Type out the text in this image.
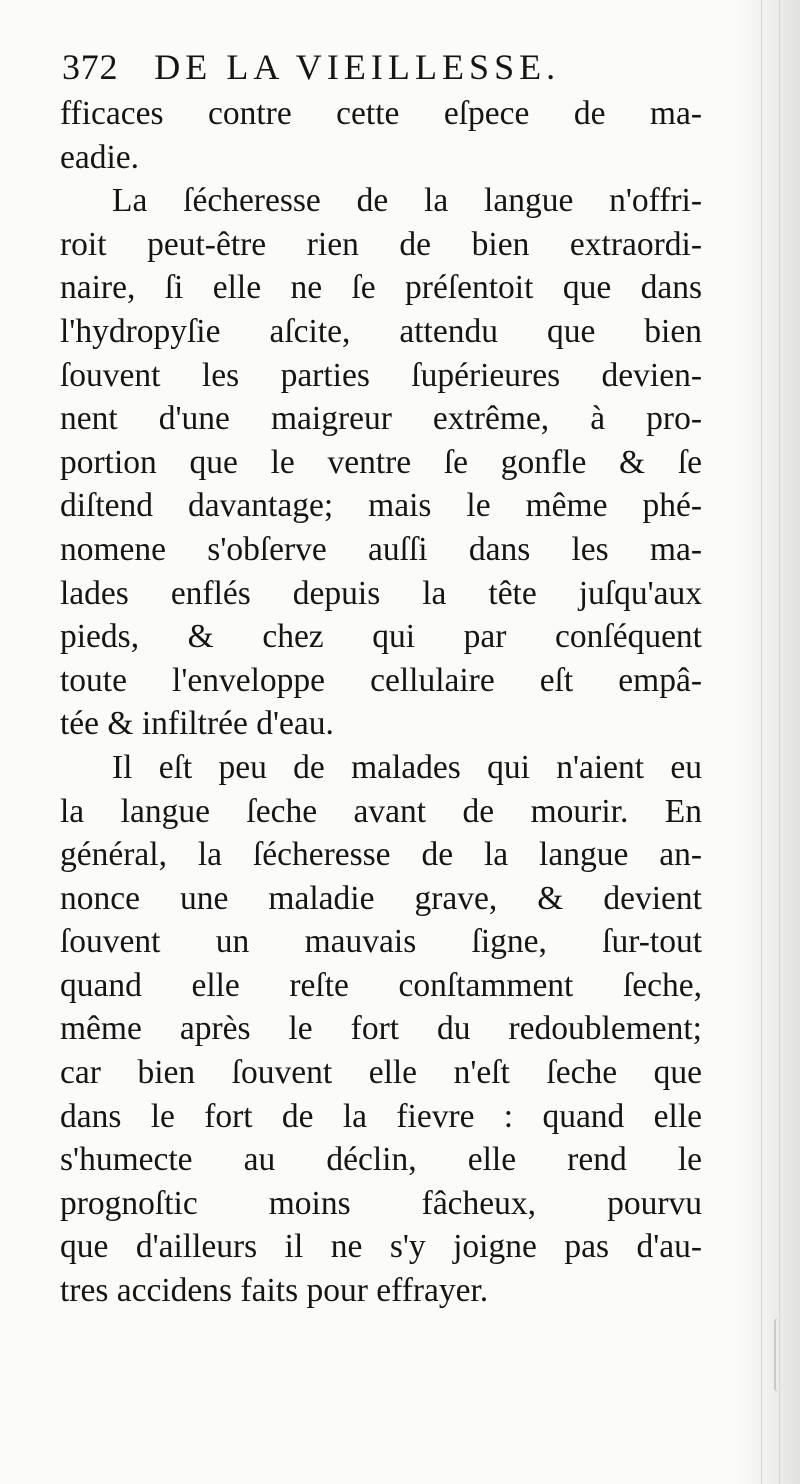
372 DE LA VIEILLESSE.
fficaces contre cette eſpece de ma-
eadie.
La ſécheresse de la langue n'offri-
roit peut-être rien de bien extraordi-
naire, ſi elle ne ſe préſentoit que dans
l'hydropyſie aſcite, attendu que bien
ſouvent les parties ſupérieures devien-
nent d'une maigreur extrême, à pro-
portion que le ventre ſe gonfle & ſe
diſtend davantage; mais le même phé-
nomene s'obſerve auſſi dans les ma-
lades enflés depuis la tête juſqu'aux
pieds, & chez qui par conſéquent
toute l'enveloppe cellulaire eſt empâ-
tée & infiltrée d'eau.
Il eſt peu de malades qui n'aient eu
la langue ſeche avant de mourir. En
général, la ſécheresse de la langue an-
nonce une maladie grave, & devient
ſouvent un mauvais ſigne, ſur-tout
quand elle reſte conſtamment ſeche,
même après le fort du redoublement;
car bien ſouvent elle n'eſt ſeche que
dans le fort de la fievre : quand elle
s'humecte au déclin, elle rend le
prognoſtic moins fâcheux, pourvu
que d'ailleurs il ne s'y joigne pas d'au-
tres accidens faits pour effrayer.
